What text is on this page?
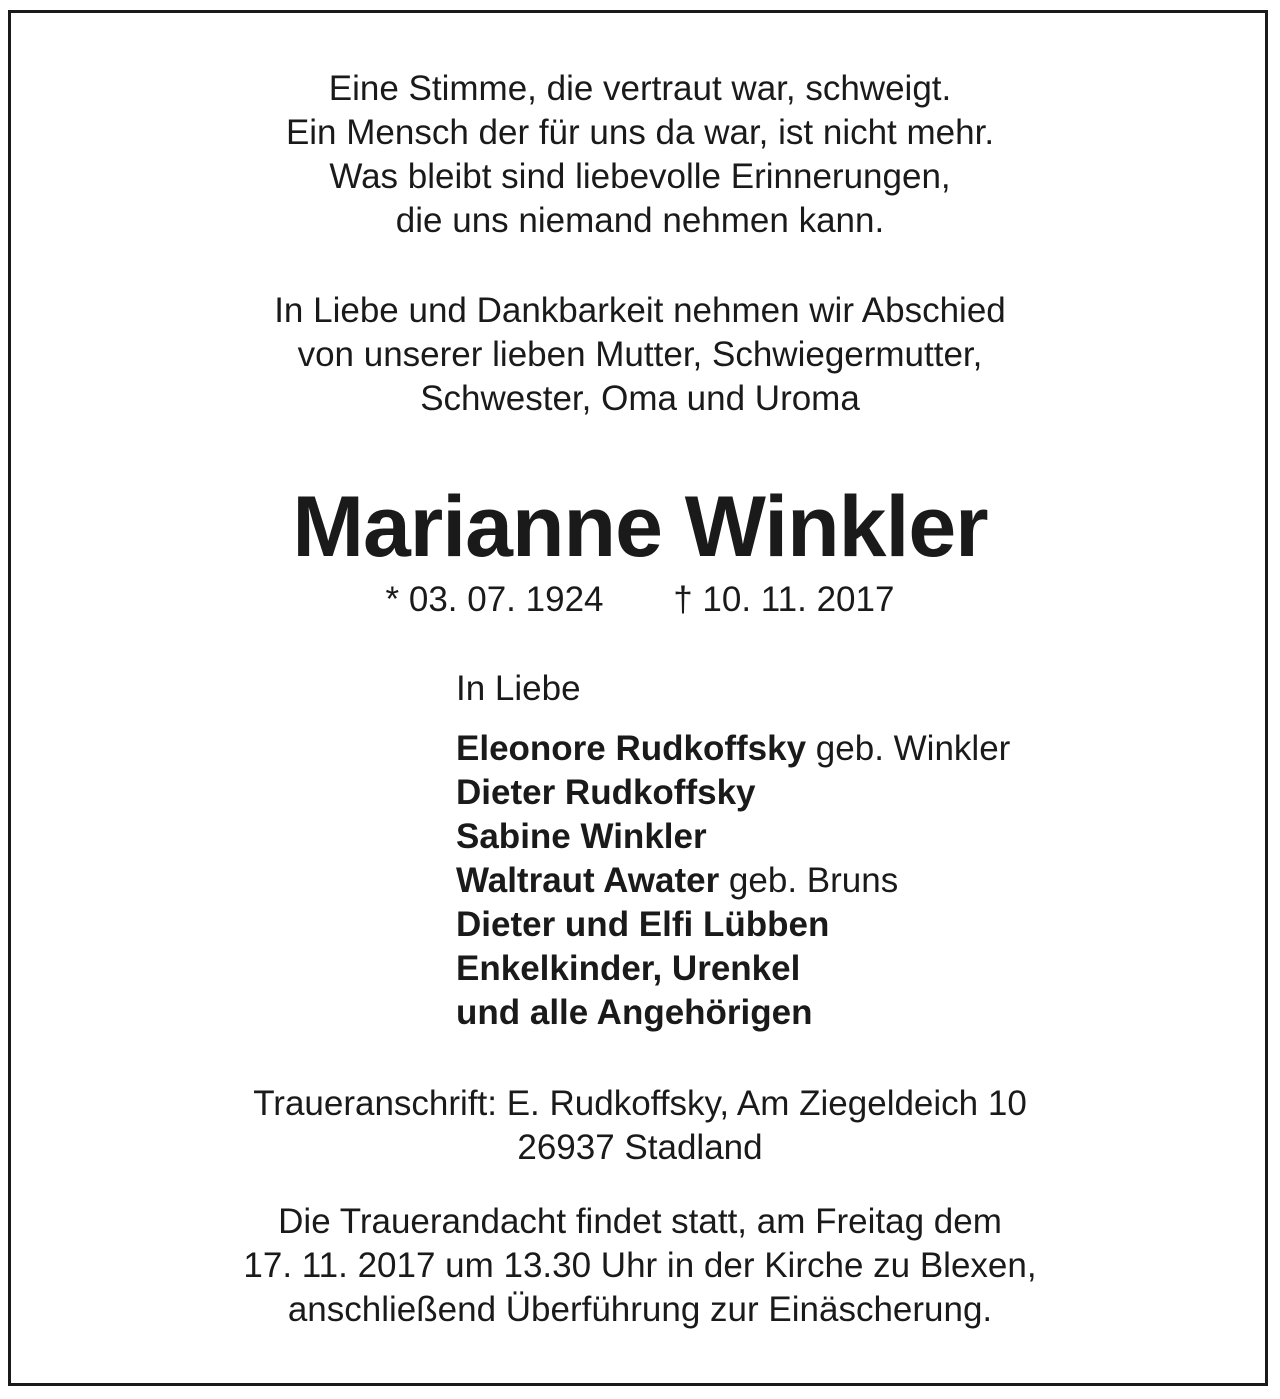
Eine Stimme, die vertraut war, schweigt.
Ein Mensch der für uns da war, ist nicht mehr.
Was bleibt sind liebevolle Erinnerungen,
die uns niemand nehmen kann.

In Liebe und Dankbarkeit nehmen wir Abschied
von unserer lieben Mutter, Schwiegermutter,
Schwester, Oma und Uroma

Marianne Winkler
* 03. 07. 1924 † 10. 11. 2017
In Liebe
Eleonore Rudkoffsky geb. Winkler
Dieter Rudkoffsky
Sabine Winkler
Waltraut Awater geb. Bruns
Dieter und Elfi Lübben
Enkelkinder, Urenkel
und alle Angehörigen

Traueranschrift: E. Rudkoffsky, Am Ziegeldeich 10
26937 Stadland

Die Trauerandacht findet statt, am Freitag dem
17. 11. 2017 um 13.30 Uhr in der Kirche zu Blexen,
anschließend Überführung zur Einäscherung.
